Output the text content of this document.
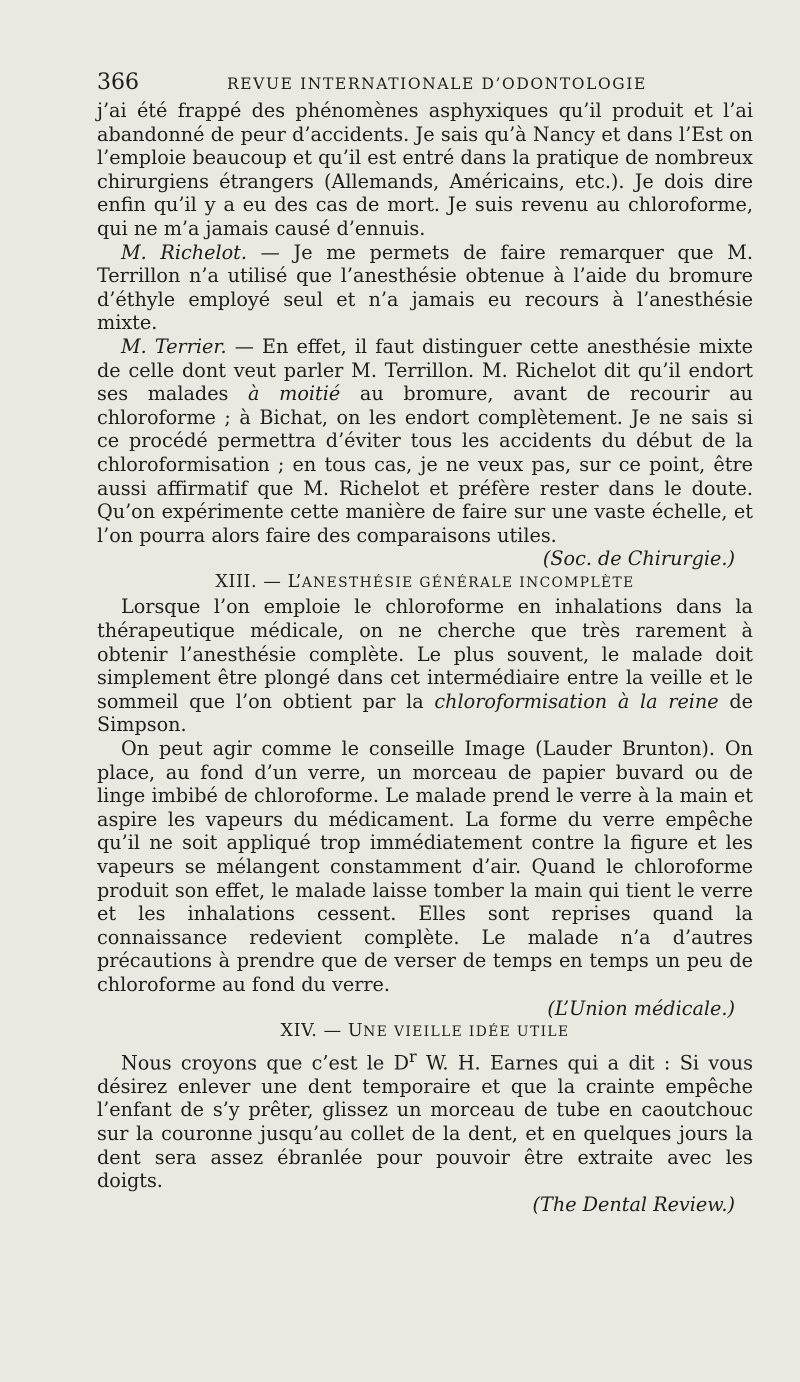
366	REVUE INTERNATIONALE D’ODONTOLOGIE

j’ai été frappé des phénomènes asphyxiques qu’il produit et l’ai abandonné de peur d’accidents. Je sais qu’à Nancy et dans l’Est on l’emploie beaucoup et qu’il est entré dans la pratique de nombreux chirurgiens étrangers (Allemands, Américains, etc.). Je dois dire enfin qu’il y a eu des cas de mort. Je suis revenu au chloroforme, qui ne m’a jamais causé d’ennuis.

M. Richelot. — Je me permets de faire remarquer que M. Terrillon n’a utilisé que l’anesthésie obtenue à l’aide du bromure d’éthyle employé seul et n’a jamais eu recours à l’anesthésie mixte.

M. Terrier. — En effet, il faut distinguer cette anesthésie mixte de celle dont veut parler M. Terrillon. M. Richelot dit qu’il endort ses malades à moitié au bromure, avant de recourir au chloroforme ; à Bichat, on les endort complètement. Je ne sais si ce procédé permettra d’éviter tous les accidents du début de la chloroformisation ; en tous cas, je ne veux pas, sur ce point, être aussi affirmatif que M. Richelot et préfère rester dans le doute. Qu’on expérimente cette manière de faire sur une vaste échelle, et l’on pourra alors faire des comparaisons utiles.

(Soc. de Chirurgie.)

XIII. — L’ANESTHÉSIE GÉNÉRALE INCOMPLÈTE

Lorsque l’on emploie le chloroforme en inhalations dans la thérapeutique médicale, on ne cherche que très rarement à obtenir l’anesthésie complète. Le plus souvent, le malade doit simplement être plongé dans cet intermédiaire entre la veille et le sommeil que l’on obtient par la chloroformisation à la reine de Simpson.

On peut agir comme le conseille Image (Lauder Brunton). On place, au fond d’un verre, un morceau de papier buvard ou de linge imbibé de chloroforme. Le malade prend le verre à la main et aspire les vapeurs du médicament. La forme du verre empêche qu’il ne soit appliqué trop immédiatement contre la figure et les vapeurs se mélangent constamment d’air. Quand le chloroforme produit son effet, le malade laisse tomber la main qui tient le verre et les inhalations cessent. Elles sont reprises quand la connaissance redevient complète. Le malade n’a d’autres précautions à prendre que de verser de temps en temps un peu de chloroforme au fond du verre.

(L’Union médicale.)

XIV. — UNE VIEILLE IDÉE UTILE

Nous croyons que c’est le $D^r$ W. H. Earnes qui a dit : Si vous désirez enlever une dent temporaire et que la crainte empêche l’enfant de s’y prêter, glissez un morceau de tube en caoutchouc sur la couronne jusqu’au collet de la dent, et en quelques jours la dent sera assez ébranlée pour pouvoir être extraite avec les doigts.

(The Dental Review.)
